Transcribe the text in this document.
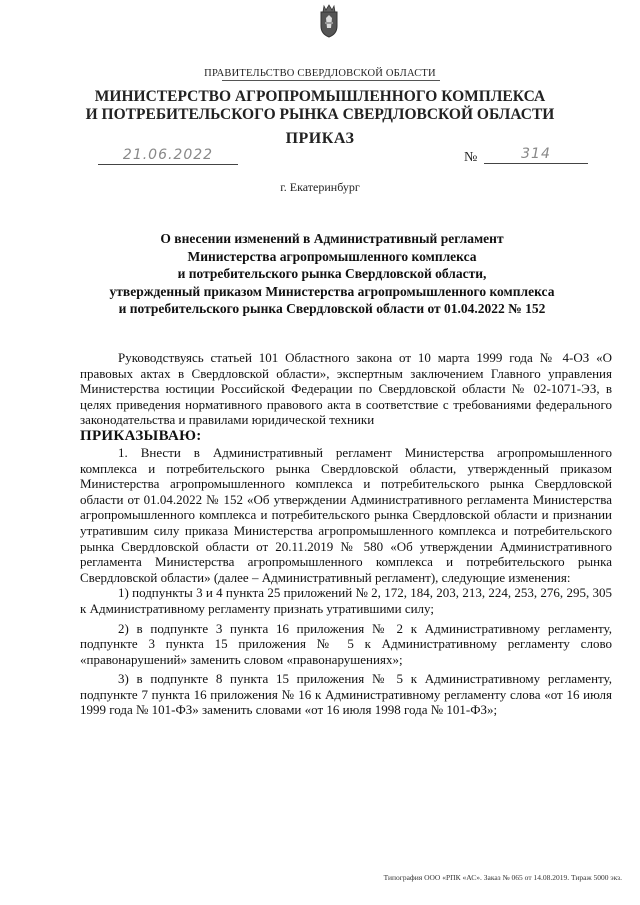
ПРАВИТЕЛЬСТВО СВЕРДЛОВСКОЙ ОБЛАСТИ
МИНИСТЕРСТВО АГРОПРОМЫШЛЕННОГО КОМПЛЕКСА
И ПОТРЕБИТЕЛЬСКОГО РЫНКА СВЕРДЛОВСКОЙ ОБЛАСТИ
ПРИКАЗ
21.06.2022	№	314
г. Екатеринбург
О внесении изменений в Административный регламент
Министерства агропромышленного комплекса
и потребительского рынка Свердловской области,
утвержденный приказом Министерства агропромышленного комплекса
и потребительского рынка Свердловской области от 01.04.2022 № 152

Руководствуясь статьей 101 Областного закона от 10 марта 1999 года № 4-ОЗ «О правовых актах в Свердловской области», экспертным заключением Главного управления Министерства юстиции Российской Федерации по Свердловской области № 02-1071-ЭЗ, в целях приведения нормативного правового акта в соответствие с требованиями федерального законодательства и правилами юридической техники

ПРИКАЗЫВАЮ:

1. Внести в Административный регламент Министерства агропромышленного комплекса и потребительского рынка Свердловской области, утвержденный приказом Министерства агропромышленного комплекса и потребительского рынка Свердловской области от 01.04.2022 № 152 «Об утверждении Административного регламента Министерства агропромышленного комплекса и потребительского рынка Свердловской области и признании утратившим силу приказа Министерства агропромышленного комплекса и потребительского рынка Свердловской области от 20.11.2019 № 580 «Об утверждении Административного регламента Министерства агропромышленного комплекса и потребительского рынка Свердловской области» (далее – Административный регламент), следующие изменения:

1) подпункты 3 и 4 пункта 25 приложений № 2, 172, 184, 203, 213, 224, 253, 276, 295, 305 к Административному регламенту признать утратившими силу;

2) в подпункте 3 пункта 16 приложения № 2 к Административному регламенту, подпункте 3 пункта 15 приложения № 5 к Административному регламенту слово «правонарушений» заменить словом «правонарушениях»;

3) в подпункте 8 пункта 15 приложения № 5 к Административному регламенту, подпункте 7 пункта 16 приложения № 16 к Административному регламенту слова «от 16 июля 1999 года № 101-ФЗ» заменить словами «от 16 июля 1998 года № 101-ФЗ»;

Типография ООО «РПК «АС». Заказ № 065 от 14.08.2019. Тираж 5000 экз.
